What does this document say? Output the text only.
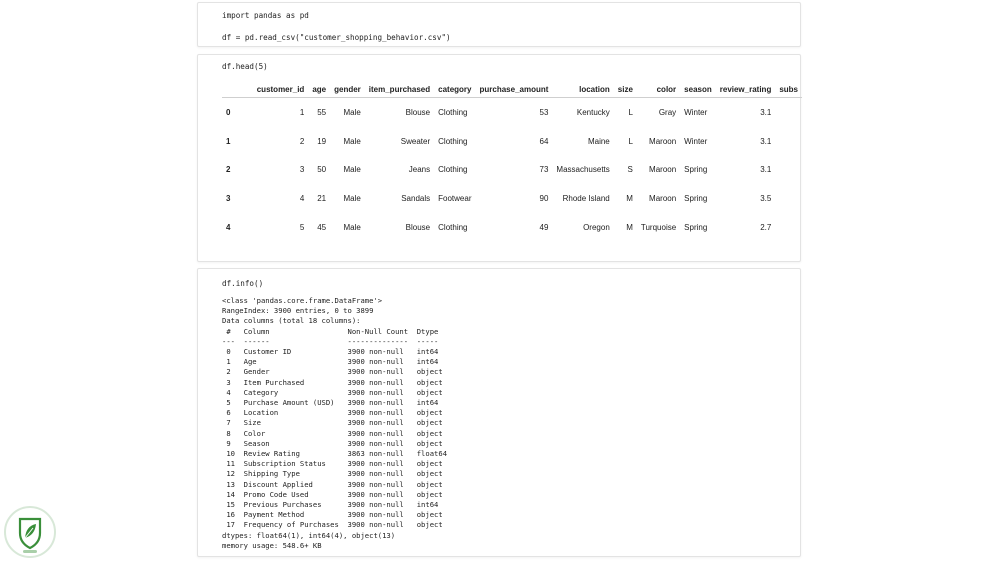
import pandas as pd
df = pd.read_csv("customer_shopping_behavior.csv")
df.head(5)
	customer_id	age	gender	item_purchased	category	purchase_amount	location	size	color	season	review_rating	subs
0	1	55	Male	Blouse	Clothing	53	Kentucky	L	Gray	Winter	3.1	
1	2	19	Male	Sweater	Clothing	64	Maine	L	Maroon	Winter	3.1	
2	3	50	Male	Jeans	Clothing	73	Massachusetts	S	Maroon	Spring	3.1	
3	4	21	Male	Sandals	Footwear	90	Rhode Island	M	Maroon	Spring	3.5	
4	5	45	Male	Blouse	Clothing	49	Oregon	M	Turquoise	Spring	2.7	
df.info()
<class 'pandas.core.frame.DataFrame'>
RangeIndex: 3900 entries, 0 to 3899
Data columns (total 18 columns):
#   Column                  Non-Null Count  Dtype
---  ------                  --------------  -----
0   Customer ID             3900 non-null   int64
1   Age                     3900 non-null   int64
2   Gender                  3900 non-null   object
3   Item Purchased          3900 non-null   object
4   Category                3900 non-null   object
5   Purchase Amount (USD)   3900 non-null   int64
6   Location                3900 non-null   object
7   Size                    3900 non-null   object
8   Color                   3900 non-null   object
9   Season                  3900 non-null   object
10  Review Rating           3863 non-null   float64
11  Subscription Status     3900 non-null   object
12  Shipping Type           3900 non-null   object
13  Discount Applied        3900 non-null   object
14  Promo Code Used         3900 non-null   object
15  Previous Purchases      3900 non-null   int64
16  Payment Method          3900 non-null   object
17  Frequency of Purchases  3900 non-null   object
dtypes: float64(1), int64(4), object(13)
memory usage: 548.6+ KB
